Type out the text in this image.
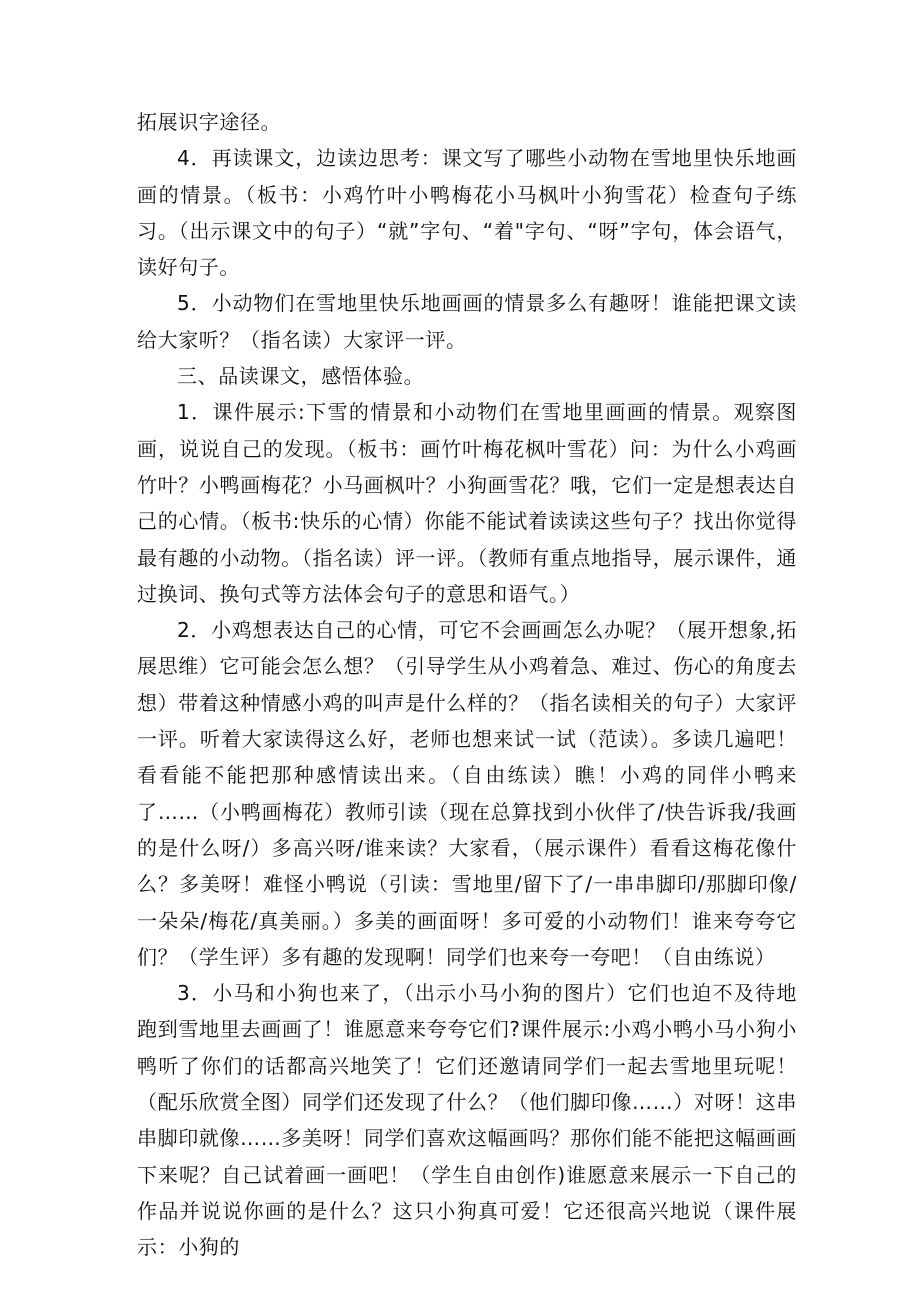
拓展识字途径。

4．再读课文，边读边思考：课文写了哪些小动物在雪地里快乐地画画的情景。（板书：小鸡竹叶小鸭梅花小马枫叶小狗雪花）检查句子练习。（出示课文中的句子）“就”字句、“着"字句、“呀”字句，体会语气，读好句子。

5．小动物们在雪地里快乐地画画的情景多么有趣呀！谁能把课文读给大家听？（指名读）大家评一评。

三、品读课文，感悟体验。

1．课件展示:下雪的情景和小动物们在雪地里画画的情景。观察图画，说说自己的发现。（板书：画竹叶梅花枫叶雪花）问：为什么小鸡画竹叶？小鸭画梅花？小马画枫叶？小狗画雪花？哦，它们一定是想表达自己的心情。（板书:快乐的心情）你能不能试着读读这些句子？找出你觉得最有趣的小动物。（指名读）评一评。（教师有重点地指导，展示课件，通过换词、换句式等方法体会句子的意思和语气。）

2．小鸡想表达自己的心情，可它不会画画怎么办呢？（展开想象,拓展思维）它可能会怎么想？（引导学生从小鸡着急、难过、伤心的角度去想）带着这种情感小鸡的叫声是什么样的？（指名读相关的句子）大家评一评。听着大家读得这么好，老师也想来试一试（范读）。多读几遍吧！看看能不能把那种感情读出来。（自由练读）瞧！小鸡的同伴小鸭来了……（小鸭画梅花）教师引读（现在总算找到小伙伴了/快告诉我/我画的是什么呀/）多高兴呀/谁来读？大家看，（展示课件）看看这梅花像什么？多美呀！难怪小鸭说（引读：雪地里/留下了/一串串脚印/那脚印像/一朵朵/梅花/真美丽。）多美的画面呀！多可爱的小动物们！谁来夸夸它们？（学生评）多有趣的发现啊！同学们也来夸一夸吧！（自由练说）

3．小马和小狗也来了，（出示小马小狗的图片）它们也迫不及待地跑到雪地里去画画了！谁愿意来夸夸它们?课件展示:小鸡小鸭小马小狗小鸭听了你们的话都高兴地笑了！它们还邀请同学们一起去雪地里玩呢！（配乐欣赏全图）同学们还发现了什么？（他们脚印像……）对呀！这串串脚印就像……多美呀！同学们喜欢这幅画吗？那你们能不能把这幅画画下来呢？自己试着画一画吧！（学生自由创作)谁愿意来展示一下自己的作品并说说你画的是什么？这只小狗真可爱！它还很高兴地说（课件展示：小狗的
